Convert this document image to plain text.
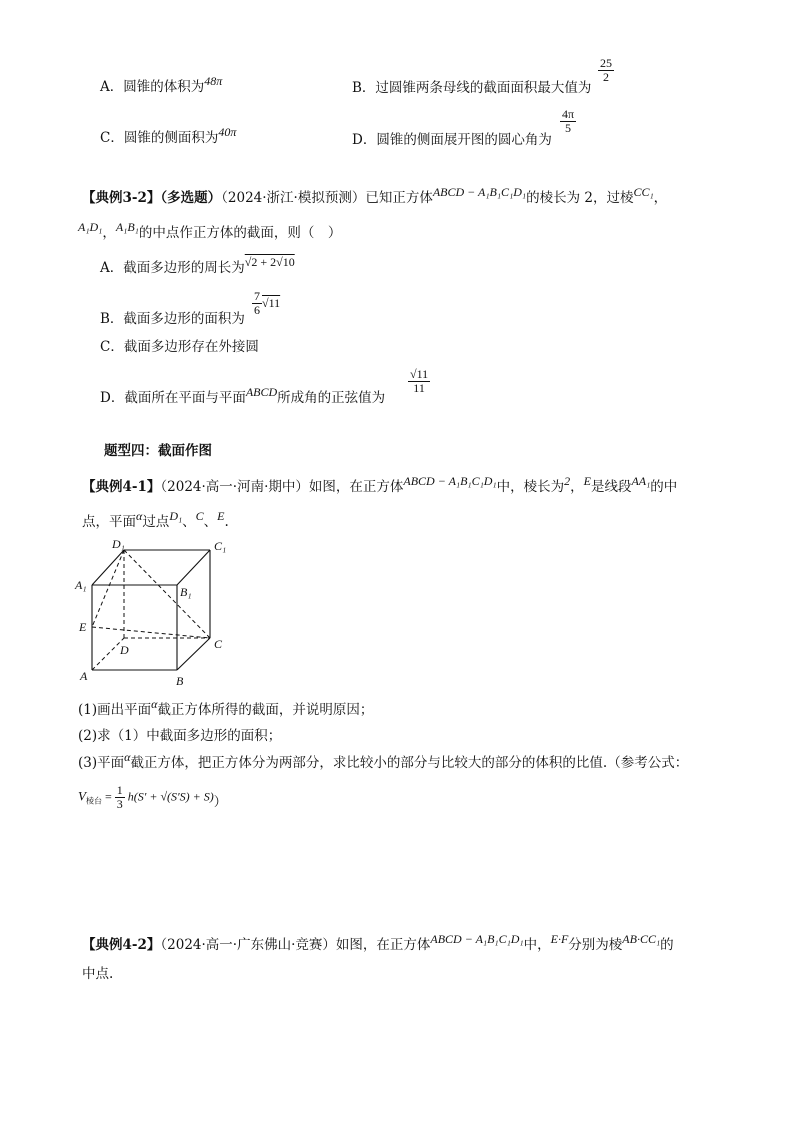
A．圆锥的体积为48π	B．过圆锥两条母线的截面面积最大值为
$\frac{25}{2}$
C．圆锥的侧面积为40π	D．圆锥的侧面展开图的圆心角为
$\frac{4\pi}{5}$
【典例3-2】（多选题）（2024·浙江·模拟预测）已知正方体ABCD − A₁B₁C₁D₁的棱长为 2，过棱CC₁，
A₁D₁，A₁B₁的中点作正方体的截面，则（　）
A．截面多边形的周长为√2 + 2√10
B．截面多边形的面积为
$\frac{7}{6} √11$
C．截面多边形存在外接圆
D．截面所在平面与平面ABCD所成角的正弦值为
$\frac{√11}{11}$
题型四：截面作图
【典例4-1】（2024·高一·河南·期中）如图，在正方体ABCD − A₁B₁C₁D₁中，棱长为2，E是线段AA₁的中
点，平面α过点D₁、C、E.
D₁	C₁
A₁	B₁
E
D	C
A	B
(1)画出平面α截正方体所得的截面，并说明原因；
(2)求（1）中截面多边形的面积；
(3)平面α截正方体，把正方体分为两部分，求比较小的部分与比较大的部分的体积的比值.（参考公式：
$V_{棱台} = \frac{1}{3} h(S' + √(S'S) + S)$）
【典例4-2】（2024·高一·广东佛山·竞赛）如图，在正方体ABCD − A₁B₁C₁D₁中，E·F分别为棱AB·CC₁的
中点.
